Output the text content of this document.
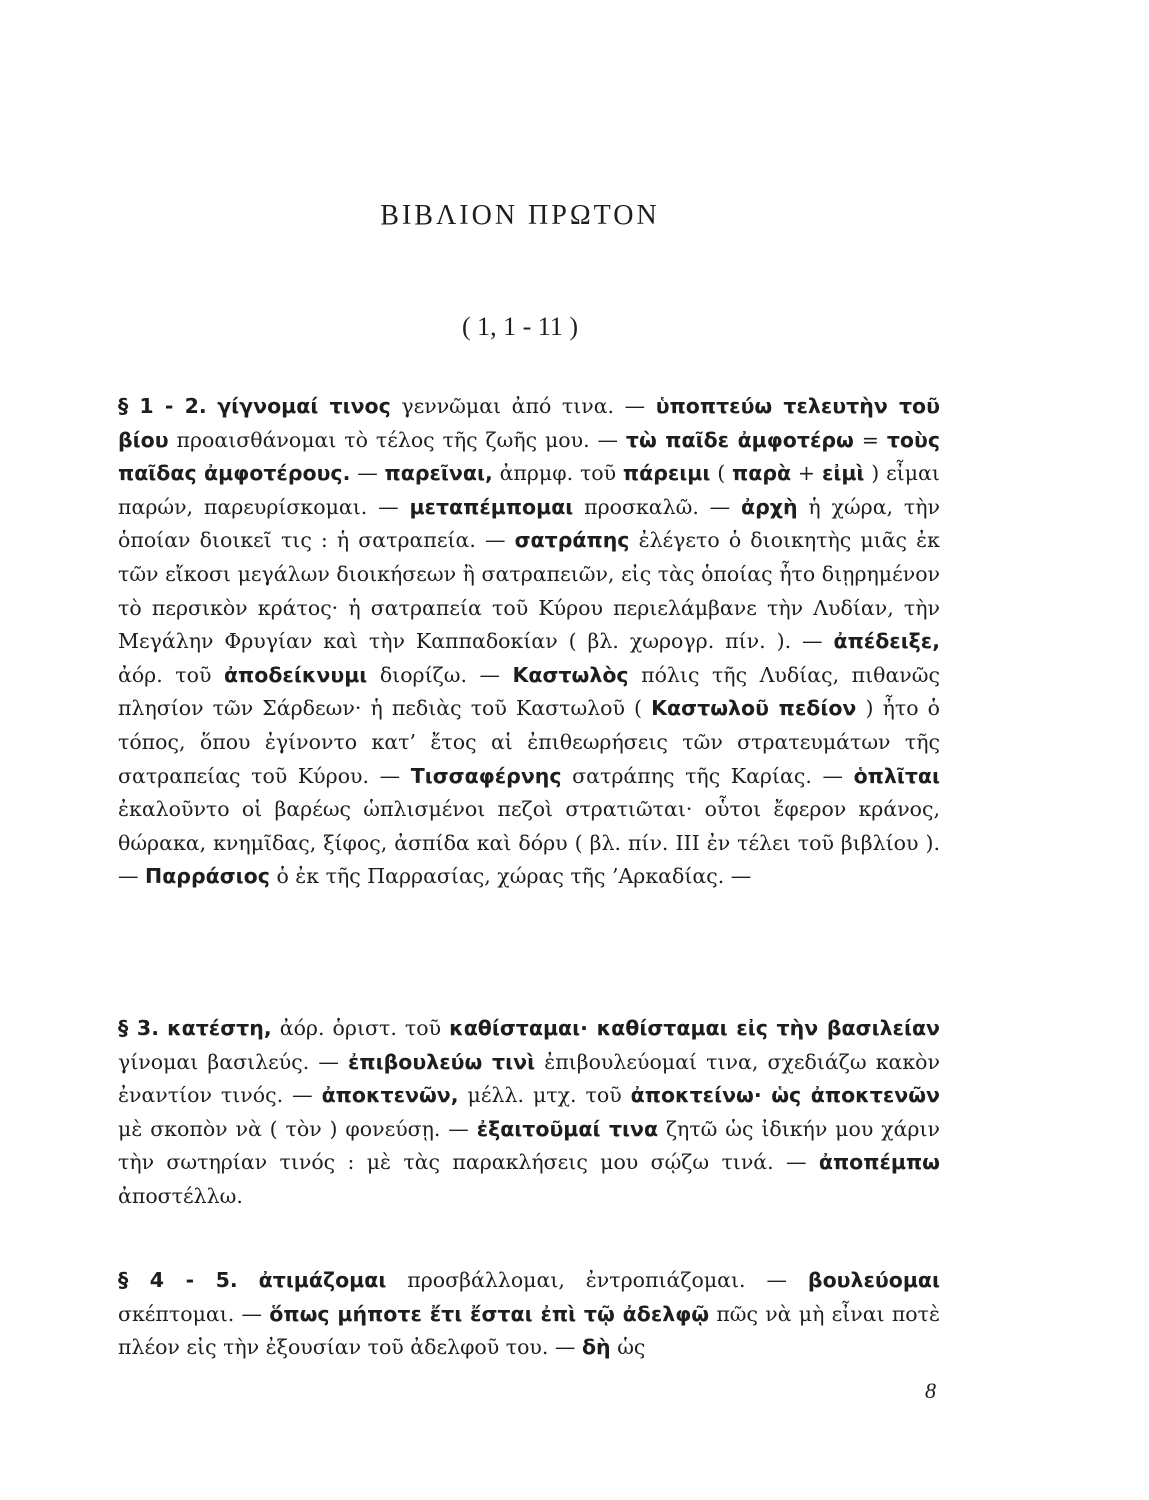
ΒΙΒΛΙΟΝ ΠΡΩΤΟΝ
( 1, 1 - 11 )
§ 1 - 2. γίγνομαί τινος γεννῶμαι ἀπό τινα. — ὑποπτεύω τελευτὴν τοῦ βίου προαισθάνομαι τὸ τέλος τῆς ζωῆς μου. — τὼ παῖδε ἀμφοτέρω = τοὺς παῖδας ἀμφοτέρους. — παρεῖναι, ἀπρμφ. τοῦ πάρειμι ( παρὰ + εἰμὶ ) εἶμαι παρών, παρευρίσκομαι. — μεταπέμπομαι προσκαλῶ. — ἀρχὴ ἡ χώρα, τὴν ὁποίαν διοικεῖ τις : ἡ σατραπεία. — σατράπης ἐλέγετο ὁ διοικητὴς μιᾶς ἐκ τῶν εἴκοσι μεγάλων διοικήσεων ἢ σατραπειῶν, εἰς τὰς ὁποίας ἦτο διῃρημένον τὸ περσικὸν κράτος· ἡ σατραπεία τοῦ Κύρου περιελάμβανε τὴν Λυδίαν, τὴν Μεγάλην Φρυγίαν καὶ τὴν Καππαδοκίαν ( βλ. χωρογρ. πίν. ). — ἀπέδειξε, ἀόρ. τοῦ ἀποδείκνυμι διορίζω. — Καστωλὸς πόλις τῆς Λυδίας, πιθανῶς πλησίον τῶν Σάρδεων· ἡ πεδιὰς τοῦ Καστωλοῦ ( Καστωλοῦ πεδίον ) ἦτο ὁ τόπος, ὅπου ἐγίνοντο κατ’ ἔτος αἱ ἐπιθεωρήσεις τῶν στρατευμάτων τῆς σατραπείας τοῦ Κύρου. — Τισσαφέρνης σατράπης τῆς Καρίας. — ὁπλῖται ἐκαλοῦντο οἱ βαρέως ὡπλισμένοι πεζοὶ στρατιῶται· οὗτοι ἔφερον κράνος, θώρακα, κνημῖδας, ξίφος, ἀσπίδα καὶ δόρυ ( βλ. πίν. ΙΙΙ ἐν τέλει τοῦ βιβλίου ). — Παρράσιος ὁ ἐκ τῆς Παρρασίας, χώρας τῆς ’Αρκαδίας. —
§ 3. κατέστη, ἀόρ. ὁριστ. τοῦ καθίσταμαι· καθίσταμαι εἰς τὴν βασιλείαν γίνομαι βασιλεύς. — ἐπιβουλεύω τινὶ ἐπιβουλεύομαί τινα, σχεδιάζω κακὸν ἐναντίον τινός. — ἀποκτενῶν, μέλλ. μτχ. τοῦ ἀποκτείνω· ὡς ἀποκτενῶν μὲ σκοπὸν νὰ ( τὸν ) φονεύσῃ. — ἐξαιτοῦμαί τινα ζητῶ ὡς ἰδικήν μου χάριν τὴν σωτηρίαν τινός : μὲ τὰς παρακλήσεις μου σῴζω τινά. — ἀποπέμπω ἀποστέλλω.
§ 4 - 5. ἀτιμάζομαι προσβάλλομαι, ἐντροπιάζομαι. — βουλεύομαι σκέπτομαι. — ὅπως μήποτε ἔτι ἔσται ἐπὶ τῷ ἀδελφῷ πῶς νὰ μὴ εἶναι ποτὲ πλέον εἰς τὴν ἐξουσίαν τοῦ ἀδελφοῦ του. — δὴ ὡς
8
